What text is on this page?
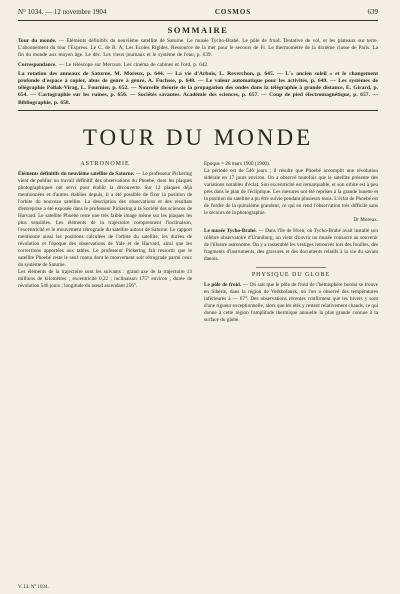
N° 1034. — 12 novembre 1904	COSMOS	639
SOMMAIRE

Tour du monde. — Eléments définitifs du neuvième satellite de Saturne. Le musée Tycho-Brahé. Le pôle de froid. Tentative de vol, et les plateaux sur terre. L'abonnement du tour l'Express. Le C. de B. A, Les Ecoles Rigides. Ressource de la mer pour le secours de Fr. Le thermomètre de la dixième classe de Paris. La fin du monde aux moyen âge. Le déc. Les vieux journaux et le système de l'eau, p. 639.

Correspondance. — Le téléscope sur Mercure. Les cinéma de cabines et l'ord, p. 642.

La rotation des anneaux de Saturne, M. Moreux, p. 644. — La vie d'Arbois, L. Reverchon, p. 645. — L'« ancien soleil » et le changement profonde d'espace à copier, abus de genre à genre, A. Fuchsse, p. 648. — Le valeur automatique pour les activités, p. 649. — Les systèmes de télégraphie Pollak-Virag, L. Fournier, p. 652. — Nouvelle théorie de la propagation des ondes dans la télégraphie à grande distance, E. Girard, p. 654. — Cartographie sur les ruines, p. 656. — Sociétés savantes. Académie des sciences, p. 657. — Coup de pied électromagnétique, p. 657. — Bibliographie, p. 658.

TOUR DU MONDE
ASTRONOMIE

Éléments définitifs du neuvième satellite de Saturne. — Le professeur Pickering vient de publier un travail définitif des observations du Phoebé, dont les plaques photographiques ont servi pour établir la découverte. Sur 12 plaques déjà mentionnées et d'autres établies depuis, il a été possible de fixer la position de l'orbite du nouveau satellite. La description des observations et des résultats d'entreprise a été exposée dans le professeur Pickering à la Société des sciences de Harvard. Le satellite Phoebé reste une très faible image même sur les plaques les plus sensibles. Les éléments de la trajectoire comprennent l'inclinaison, l'excentricité et le mouvement rétrograde du satellite autour de Saturne. Le rapport mentionne aussi les positions calculées de l'orbite du satellite, les durées de révolution et l'époque des observations de Yale et de Harvard, ainsi que les corrections apportées aux tables. Le professeur Pickering fait ressortir que le satellite Phoebé reste le seul connu dont le mouvement soit rétrograde parmi ceux du système de Saturne.

Les éléments de la trajectoire sont les suivants : grand axe de la trajectoire 13 millions de kilomètres ; excentricité 0,22 ; inclinaison 175° environ ; durée de révolution 546 jours ; longitude du nœud ascendant 256°.

Epoque = 28 mars 1900 (1900).

La période est de 546 jours ; il résulte que Phoebé accomplit une révolution sidérale en 17 jours environ. On a observé toutefois que le satellite présente des variations notables d'éclat. Son excentricité est remarquable, et son orbite est à peu près dans le plan de l'écliptique. Les mesures ont été reprises à la grande lunette et la position du satellite a pu être suivie pendant plusieurs mois. L'éclat de Phoebé est de l'ordre de la quinzième grandeur, ce qui en rend l'observation très difficile sans le secours de la photographie.

Dr Moreux.

Le musée Tycho-Brahé. — Dans l'île de Hven, où Tycho-Brahé avait installé son célèbre observatoire d'Uraniborg, on vient d'ouvrir un musée consacré au souvenir de l'illustre astronome. On y a rassemblé les vestiges retrouvés lors des fouilles, des fragments d'instruments, des gravures et des documents relatifs à la vie du savant danois.

PHYSIQUE DU GLOBE

Le pôle de froid. — On sait que le pôle de froid de l'hémisphère boréal se trouve en Sibérie, dans la région de Verkhoïansk, où l'on a observé des températures inférieures à — 67°. Des observations récentes confirment que les hivers y sont d'une rigueur exceptionnelle, alors que les étés y restent relativement chauds, ce qui donne à cette région l'amplitude thermique annuelle la plus grande connue à la surface du globe.

V. LI. N° 1034.
